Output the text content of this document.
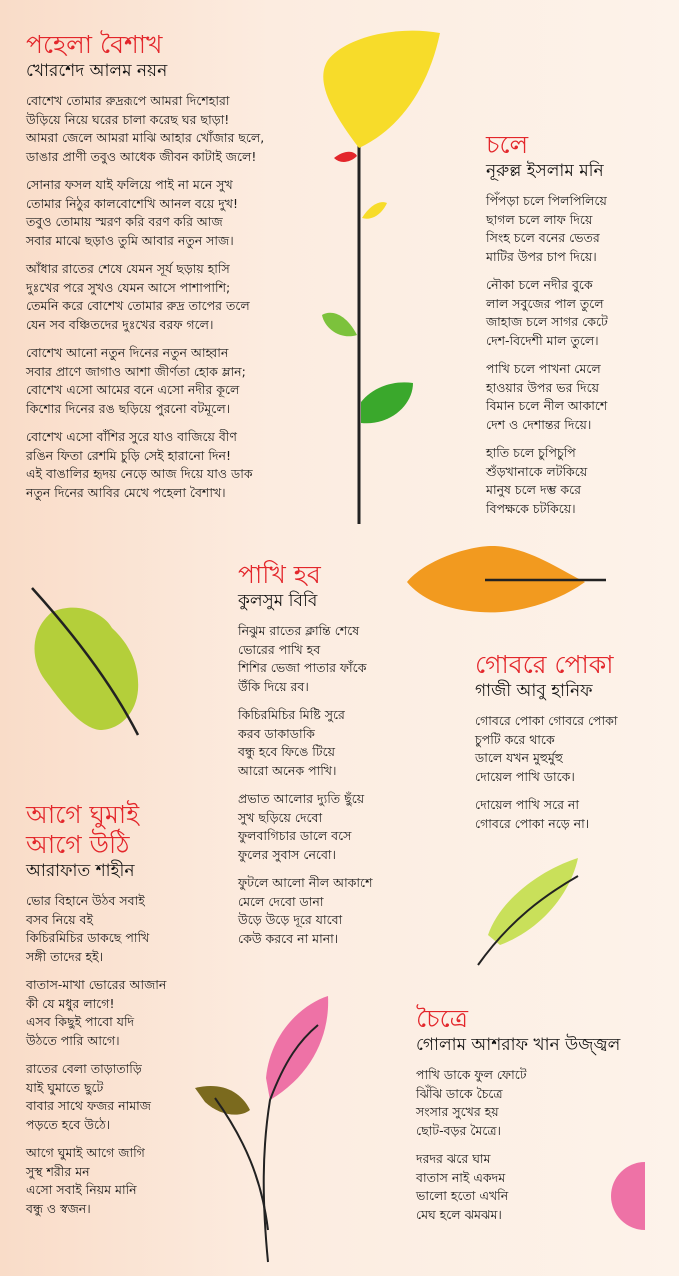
পহেলা বৈশাখ
খোরশেদ আলম নয়ন
বোশেখ তোমার রুদ্ররূপে আমরা দিশেহারা
উড়িয়ে নিয়ে ঘরের চালা করেছ ঘর ছাড়া!
আমরা জেলে আমরা মাঝি আহার খোঁজার ছলে,
ডাঙার প্রাণী তবুও আধেক জীবন কাটাই জলে!
সোনার ফসল যাই ফলিয়ে পাই না মনে সুখ
তোমার নিঠুর কালবোশেখি আনল বয়ে দুখ!
তবুও তোমায় স্মরণ করি বরণ করি আজ
সবার মাঝে ছড়াও তুমি আবার নতুন সাজ।
আঁধার রাতের শেষে যেমন সূর্য ছড়ায় হাসি
দুঃখের পরে সুখও যেমন আসে পাশাপাশি;
তেমনি করে বোশেখ তোমার রুদ্র তাপের তলে
যেন সব বঞ্চিতদের দুঃখের বরফ গলে।
বোশেখ আনো নতুন দিনের নতুন আহ্বান
সবার প্রাণে জাগাও আশা জীর্ণতা হোক ম্লান;
বোশেখ এসো আমের বনে এসো নদীর কূলে
কিশোর দিনের রঙ ছড়িয়ে পুরনো বটমূলে।
বোশেখ এসো বাঁশির সুরে যাও বাজিয়ে বীণ
রঙিন ফিতা রেশমি চুড়ি সেই হারানো দিন!
এই বাঙালির হৃদয় নেড়ে আজ দিয়ে যাও ডাক
নতুন দিনের আবির মেখে পহেলা বৈশাখ।
চলে
নূরুল্ল ইসলাম মনি
পিঁপড়া চলে পিলপিলিয়ে
ছাগল চলে লাফ দিয়ে
সিংহ চলে বনের ভেতর
মাটির উপর চাপ দিয়ে।
নৌকা চলে নদীর বুকে
লাল সবুজের পাল তুলে
জাহাজ চলে সাগর কেটে
দেশ-বিদেশী মাল তুলে।
পাখি চলে পাখনা মেলে
হাওয়ার উপর ভর দিয়ে
বিমান চলে নীল আকাশে
দেশ ও দেশান্তর দিয়ে।
হাতি চলে চুপিচুপি
শুঁড়খানাকে লটকিয়ে
মানুষ চলে দম্ভ করে
বিপক্ষকে চটকিয়ে।
পাখি হব
কুলসুম বিবি
নিঝুম রাতের ক্লান্তি শেষে
ভোরের পাখি হব
শিশির ভেজা পাতার ফাঁকে
উঁকি দিয়ে রব।
কিচিরমিচির মিষ্টি সুরে
করব ডাকাডাকি
বন্ধু হবে ফিঙে টিয়ে
আরো অনেক পাখি।
প্রভাত আলোর দ্যুতি ছুঁয়ে
সুখ ছড়িয়ে দেবো
ফুলবাগিচার ডালে বসে
ফুলের সুবাস নেবো।
ফুটলে আলো নীল আকাশে
মেলে দেবো ডানা
উড়ে উড়ে দূরে যাবো
কেউ করবে না মানা।
গোবরে পোকা
গাজী আবু হানিফ
গোবরে পোকা গোবরে পোকা
চুপটি করে থাকে
ডালে যখন মুহুর্মুহু
দোয়েল পাখি ডাকে।
দোয়েল পাখি সরে না
গোবরে পোকা নড়ে না।
আগে ঘুমাই
আগে উঠি
আরাফাত শাহীন
ভোর বিহানে উঠব সবাই
বসব নিয়ে বই
কিচিরমিচির ডাকছে পাখি
সঙ্গী তাদের হই।
বাতাস-মাখা ভোরের আজান
কী যে মধুর লাগে!
এসব কিছুই পাবো যদি
উঠতে পারি আগে।
রাতের বেলা তাড়াতাড়ি
যাই ঘুমাতে ছুটে
বাবার সাথে ফজর নামাজ
পড়তে হবে উঠে।
আগে ঘুমাই আগে জাগি
সুস্থ শরীর মন
এসো সবাই নিয়ম মানি
বন্ধু ও স্বজন।
চৈত্রে
গোলাম আশরাফ খান উজ্জ্বল
পাখি ডাকে ফুল ফোটে
ঝিঁঝি ডাকে চৈত্রে
সংসার সুখের হয়
ছোট-বড়র মৈত্রে।
দরদর ঝরে ঘাম
বাতাস নাই একদম
ভালো হতো এখনি
মেঘ হলে ঝমঝম।
